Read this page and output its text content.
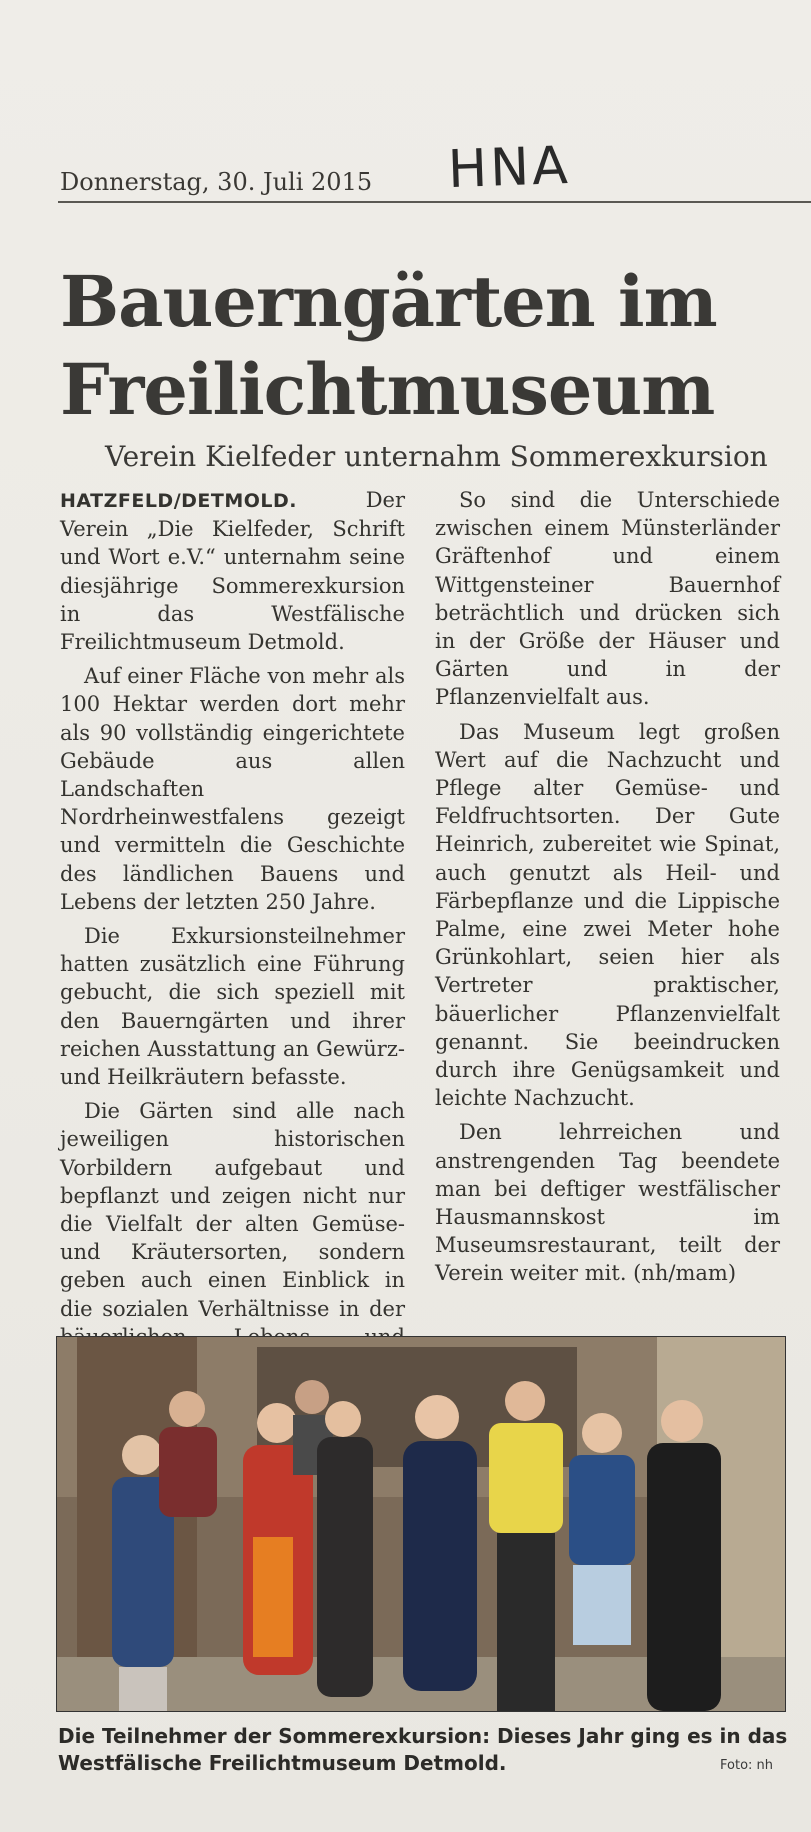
Donnerstag, 30. Juli 2015 HNA
Bauerngärten im
Freilichtmuseum
Verein Kielfeder unternahm Sommerexkursion

HATZFELD/DETMOLD.	Der Verein „Die Kielfeder, Schrift und Wort e.V.“ unternahm seine diesjährige Sommerexkursion in das Westfälische Freilichtmuseum Detmold.

Auf einer Fläche von mehr als 100 Hektar werden dort mehr als 90 vollständig eingerichtete Gebäude aus allen Landschaften Nordrheinwestfalens gezeigt und vermitteln die Geschichte des ländlichen Bauens und Lebens der letzten 250 Jahre.

Die Exkursionsteilnehmer hatten zusätzlich eine Führung gebucht, die sich speziell mit den Bauerngärten und ihrer reichen Ausstattung an Gewürz- und Heilkräutern befasste.

Die Gärten sind alle nach jeweiligen historischen Vorbildern aufgebaut und bepflanzt und zeigen nicht nur die Vielfalt der alten Gemüse- und Kräutersorten, sondern geben auch einen Einblick in die sozialen Verhältnisse in der

So sind die Unterschiede zwischen einem Münsterländer Gräftenhof und einem Wittgensteiner Bauernhof beträchtlich und drücken sich in der Größe der Häuser und Gärten und in der Pflanzenvielfalt aus.

Das Museum legt großen Wert auf die Nachzucht und Pflege alter Gemüse- und Feldfruchtsorten. Der Gute Heinrich, zubereitet wie Spinat, auch genutzt als Heil- und Färbepflanze und die Lippische Palme, eine zwei Meter hohe Grünkohlart, seien hier als Vertreter praktischer, bäuerlicher Pflanzenvielfalt genannt. Sie beeindrucken durch ihre Genügsamkeit und leichte Nachzucht.

Den lehrreichen und anstrengenden Tag beendete man bei deftiger westfälischer Hausmannskost im Museumsrestaurant, teilt der Verein weiter mit. (nh/mam)

Die Teilnehmer der Sommerexkursion: Dieses Jahr ging es in das Westfälische Freilichtmuseum Detmold.	Foto: nh
